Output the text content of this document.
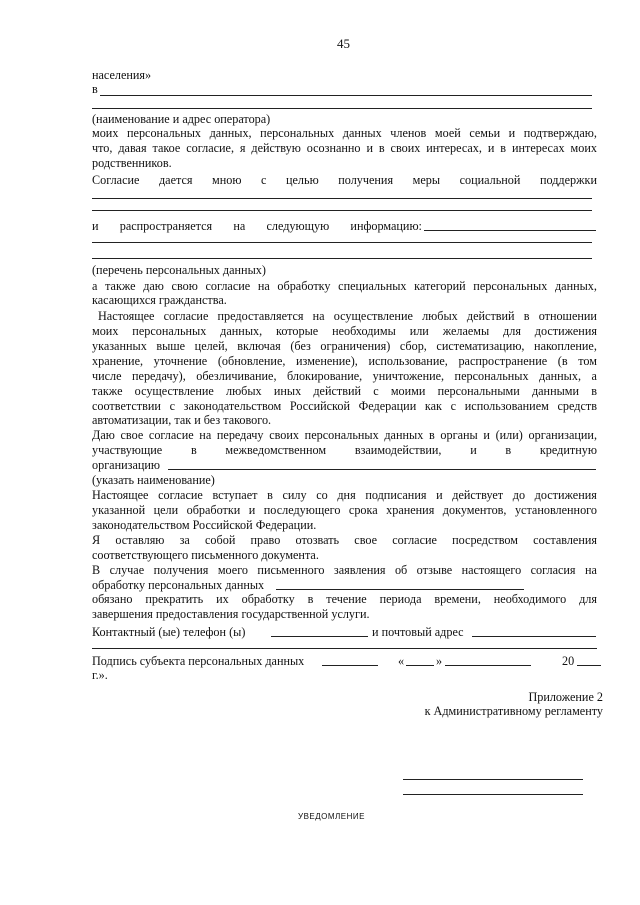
45
населения»
в
(наименование и адрес оператора)
моих персональных данных, персональных данных членов моей семьи и подтверждаю,
что, давая такое согласие, я действую осознанно и в своих интересах, и в интересах моих
родственников.
Согласие дается мною с целью получения меры социальной поддержки
и распространяется на следующую информацию:
(перечень персональных данных)
а также даю свою согласие на обработку специальных категорий персональных данных,
касающихся гражданства.
Настоящее согласие предоставляется на осуществление любых действий в отношении
моих персональных данных, которые необходимы или желаемы для достижения
указанных выше целей, включая (без ограничения) сбор, систематизацию, накопление,
хранение, уточнение (обновление, изменение), использование, распространение (в том
числе передачу), обезличивание, блокирование, уничтожение, персональных данных, а
также осуществление любых иных действий с моими персональными данными в
соответствии с законодательством Российской Федерации как с использованием средств
автоматизации, так и без такового.
Даю свое согласие на передачу своих персональных данных в органы и (или) организации,
участвующие в межведомственном взаимодействии, и в кредитную
организацию
(указать наименование)
Настоящее согласие вступает в силу со дня подписания и действует до достижения
указанной цели обработки и последующего срока хранения документов, установленного
законодательством Российской Федерации.
Я оставляю за собой право отозвать свое согласие посредством составления
соответствующего письменного документа.
В случае получения моего письменного заявления об отзыве настоящего согласия на
обработку персональных данных
обязано прекратить их обработку в течение периода времени, необходимого для
завершения предоставления государственной услуги.
Контактный (ые) телефон (ы)	и почтовый адрес
Подпись субъекта персональных данных	«	»	20
г.».
Приложение 2
к Административному регламенту
УВЕДОМЛЕНИЕ
